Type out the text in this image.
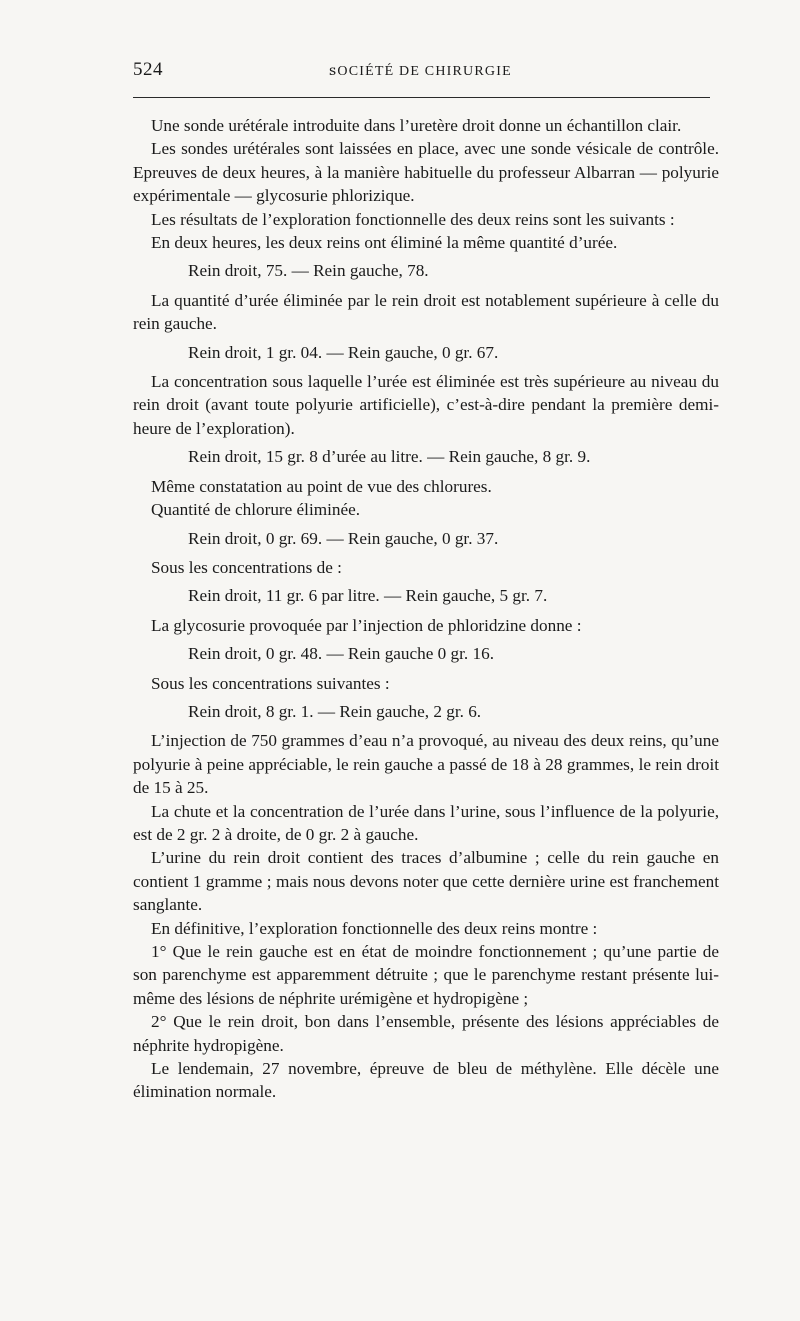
524	ꜱOCIÉTÉ DE CHIRURGIE

Une sonde urétérale introduite dans l’uretère droit donne un échantillon clair.

Les sondes urétérales sont laissées en place, avec une sonde vésicale de contrôle. Epreuves de deux heures, à la manière habituelle du professeur Albarran — polyurie expérimentale — glycosurie phlorizique.

Les résultats de l’exploration fonctionnelle des deux reins sont les suivants :

En deux heures, les deux reins ont éliminé la même quantité d’urée.

Rein droit, 75. — Rein gauche, 78.

La quantité d’urée éliminée par le rein droit est notablement supérieure à celle du rein gauche.

Rein droit, 1 gr. 04. — Rein gauche, 0 gr. 67.

La concentration sous laquelle l’urée est éliminée est très supérieure au niveau du rein droit (avant toute polyurie artificielle), c’est-à-dire pendant la première demi-heure de l’exploration).

Rein droit, 15 gr. 8 d’urée au litre. — Rein gauche, 8 gr. 9.

Même constatation au point de vue des chlorures.

Quantité de chlorure éliminée.

Rein droit, 0 gr. 69. — Rein gauche, 0 gr. 37.

Sous les concentrations de :

Rein droit, 11 gr. 6 par litre. — Rein gauche, 5 gr. 7.

La glycosurie provoquée par l’injection de phloridzine donne :

Rein droit, 0 gr. 48. — Rein gauche 0 gr. 16.

Sous les concentrations suivantes :

Rein droit, 8 gr. 1. — Rein gauche, 2 gr. 6.

L’injection de 750 grammes d’eau n’a provoqué, au niveau des deux reins, qu’une polyurie à peine appréciable, le rein gauche a passé de 18 à 28 grammes, le rein droit de 15 à 25.

La chute et la concentration de l’urée dans l’urine, sous l’influence de la polyurie, est de 2 gr. 2 à droite, de 0 gr. 2 à gauche.

L’urine du rein droit contient des traces d’albumine ; celle du rein gauche en contient 1 gramme ; mais nous devons noter que cette dernière urine est franchement sanglante.

En définitive, l’exploration fonctionnelle des deux reins montre :

1° Que le rein gauche est en état de moindre fonctionnement ; qu’une partie de son parenchyme est apparemment détruite ; que le parenchyme restant présente lui-même des lésions de néphrite urémigène et hydropigène ;

2° Que le rein droit, bon dans l’ensemble, présente des lésions appréciables de néphrite hydropigène.

Le lendemain, 27 novembre, épreuve de bleu de méthylène. Elle décèle une élimination normale.
